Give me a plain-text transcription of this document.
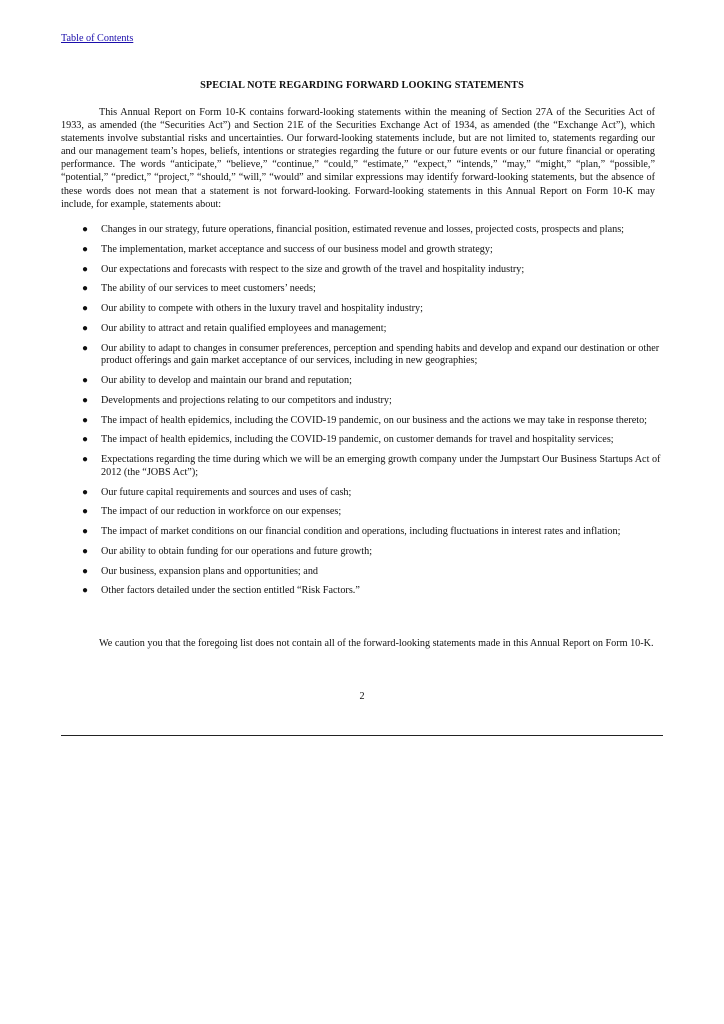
Table of Contents
SPECIAL NOTE REGARDING FORWARD LOOKING STATEMENTS

This Annual Report on Form 10-K contains forward-looking statements within the meaning of Section 27A of the Securities Act of 1933, as amended (the “Securities Act”) and Section 21E of the Securities Exchange Act of 1934, as amended (the “Exchange Act”), which statements involve substantial risks and uncertainties. Our forward-looking statements include, but are not limited to, statements regarding our and our management team’s hopes, beliefs, intentions or strategies regarding the future or our future events or our future financial or operating performance. The words “anticipate,” “believe,” “continue,” “could,” “estimate,” “expect,” “intends,” “may,” “might,” “plan,” “possible,” “potential,” “predict,” “project,” “should,” “will,” “would” and similar expressions may identify forward-looking statements, but the absence of these words does not mean that a statement is not forward-looking. Forward-looking statements in this Annual Report on Form 10-K may include, for example, statements about:

● Changes in our strategy, future operations, financial position, estimated revenue and losses, projected costs, prospects and plans;
● The implementation, market acceptance and success of our business model and growth strategy;
● Our expectations and forecasts with respect to the size and growth of the travel and hospitality industry;
● The ability of our services to meet customers’ needs;
● Our ability to compete with others in the luxury travel and hospitality industry;
● Our ability to attract and retain qualified employees and management;
● Our ability to adapt to changes in consumer preferences, perception and spending habits and develop and expand our destination or other product offerings and gain market acceptance of our services, including in new geographies;
● Our ability to develop and maintain our brand and reputation;
● Developments and projections relating to our competitors and industry;
● The impact of health epidemics, including the COVID-19 pandemic, on our business and the actions we may take in response thereto;
● The impact of health epidemics, including the COVID-19 pandemic, on customer demands for travel and hospitality services;
● Expectations regarding the time during which we will be an emerging growth company under the Jumpstart Our Business Startups Act of 2012 (the “JOBS Act”);
● Our future capital requirements and sources and uses of cash;
● The impact of our reduction in workforce on our expenses;
● The impact of market conditions on our financial condition and operations, including fluctuations in interest rates and inflation;
● Our ability to obtain funding for our operations and future growth;
● Our business, expansion plans and opportunities; and
● Other factors detailed under the section entitled “Risk Factors.”

We caution you that the foregoing list does not contain all of the forward-looking statements made in this Annual Report on Form 10-K.

2
